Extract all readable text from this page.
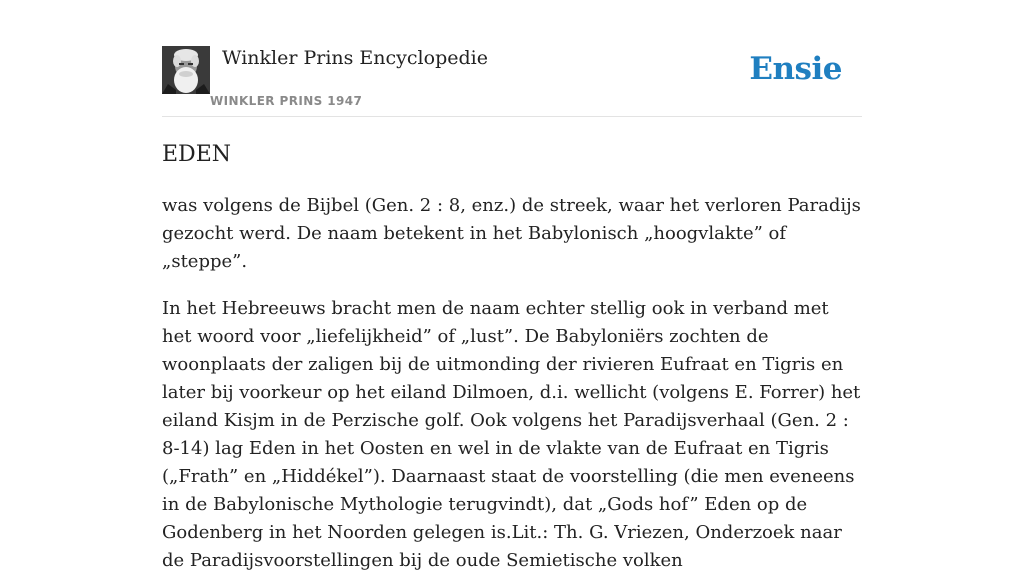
Winkler Prins Encyclopedie
WINKLER PRINS 1947
Ensie
EDEN

was volgens de Bijbel (Gen. 2 : 8, enz.) de streek, waar het verloren Paradijs gezocht werd. De naam betekent in het Babylonisch „hoogvlakte” of „steppe”.

In het Hebreeuws bracht men de naam echter stellig ook in verband met het woord voor „liefelijkheid” of „lust”. De Babyloniërs zochten de woonplaats der zaligen bij de uitmonding der rivieren Eufraat en Tigris en later bij voorkeur op het eiland Dilmoen, d.i. wellicht (volgens E. Forrer) het eiland Kisjm in de Perzische golf. Ook volgens het Paradijsverhaal (Gen. 2 : 8-14) lag Eden in het Oosten en wel in de vlakte van de Eufraat en Tigris („Frath” en „Hiddékel”). Daarnaast staat de voorstelling (die men eveneens in de Babylonische Mythologie terugvindt), dat „Gods hof” Eden op de Godenberg in het Noorden gelegen is.Lit.: Th. G. Vriezen, Onderzoek naar de Paradijsvoorstellingen bij de oude Semietische volken
